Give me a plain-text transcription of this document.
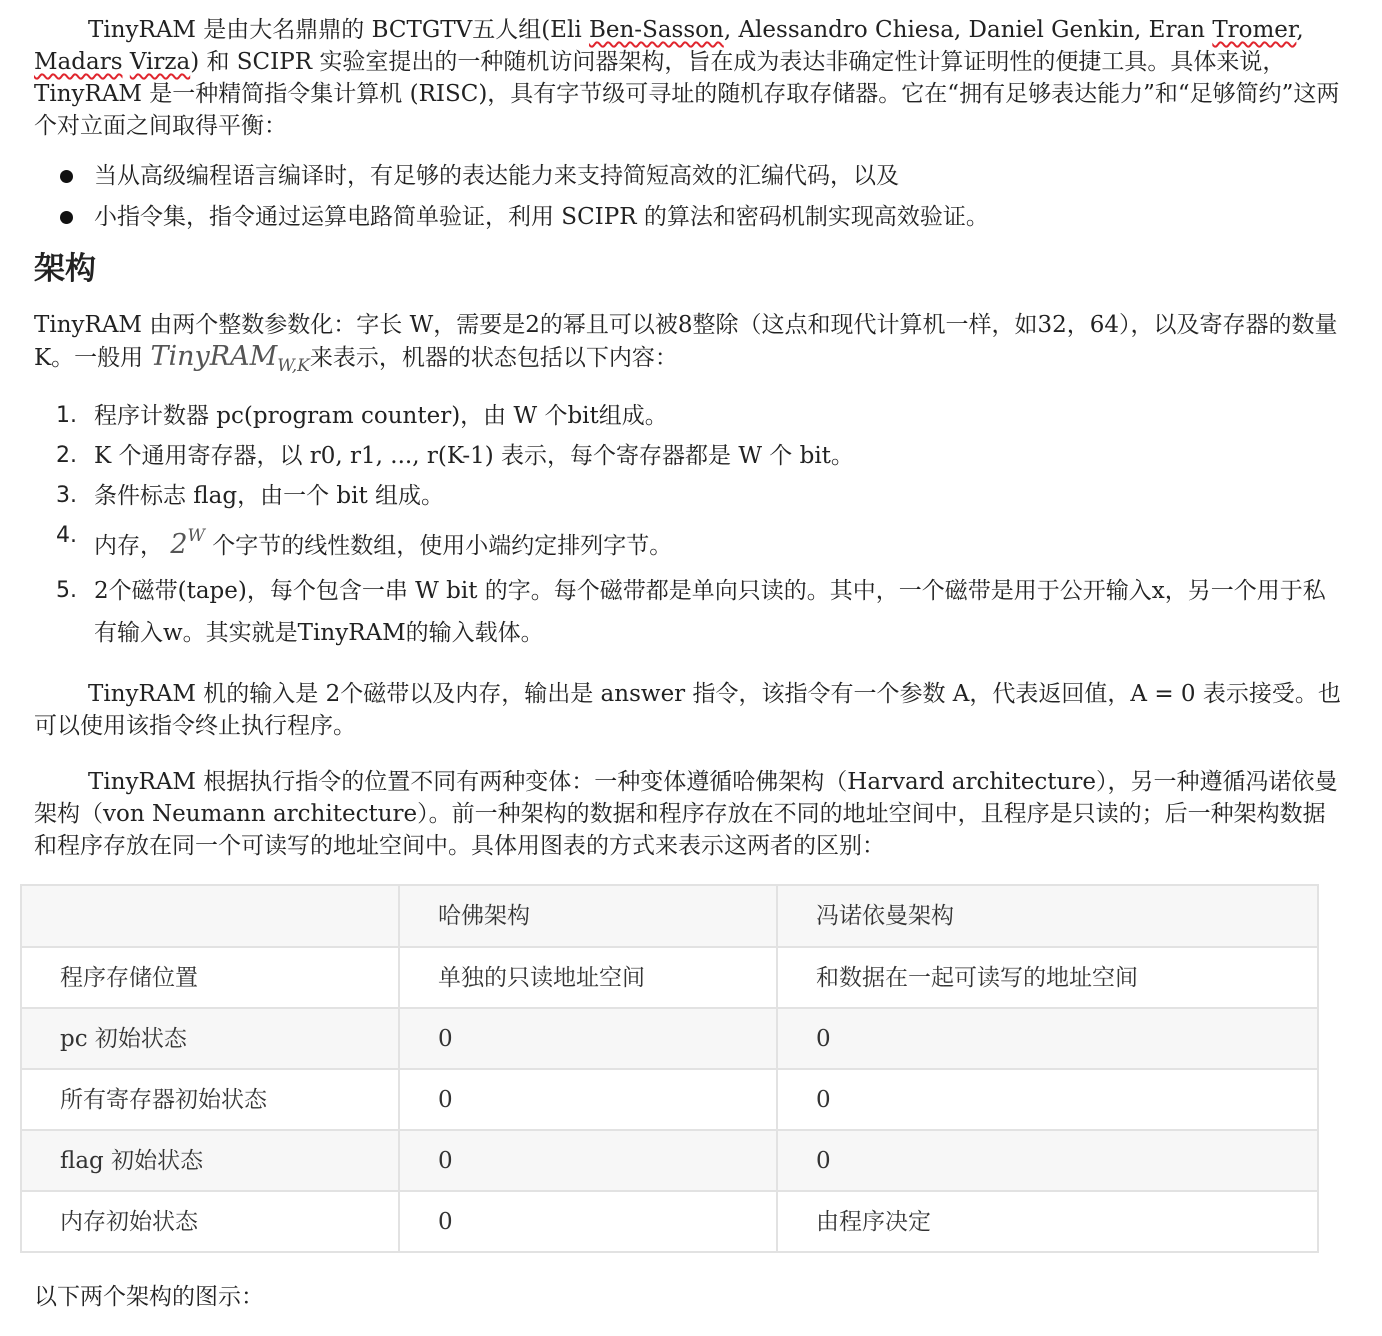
TinyRAM 是由大名鼎鼎的 BCTGTV五人组(Eli Ben-Sasson, Alessandro Chiesa, Daniel Genkin, Eran Tromer, Madars Virza) 和 SCIPR 实验室提出的一种随机访问器架构，旨在成为表达非确定性计算证明性的便捷工具。具体来说，TinyRAM 是一种精简指令集计算机 (RISC)，具有字节级可寻址的随机存取存储器。它在“拥有足够表达能力”和“足够简约”这两个对立面之间取得平衡：

当从高级编程语言编译时，有足够的表达能力来支持简短高效的汇编代码，以及
小指令集，指令通过运算电路简单验证，利用 SCIPR 的算法和密码机制实现高效验证。
架构

TinyRAM 由两个整数参数化：字长 W，需要是2的幂且可以被8整除（这点和现代计算机一样，如32，64），以及寄存器的数量K。一般用 TinyRAM$_{W,K}$来表示，机器的状态包括以下内容：

1. 程序计数器 pc(program counter)，由 W 个bit组成。
2. K 个通用寄存器，以 r0, r1, ..., r(K-1) 表示，每个寄存器都是 W 个 bit。
3. 条件标志 flag，由一个 bit 组成。
4. 内存， $2^W$ 个字节的线性数组，使用小端约定排列字节。
5. 2个磁带(tape)，每个包含一串 W bit 的字。每个磁带都是单向只读的。其中，一个磁带是用于公开输入x，另一个用于私有输入w。其实就是TinyRAM的输入载体。

TinyRAM 机的输入是 2个磁带以及内存，输出是 answer 指令，该指令有一个参数 A，代表返回值，A = 0 表示接受。也可以使用该指令终止执行程序。

TinyRAM 根据执行指令的位置不同有两种变体：一种变体遵循哈佛架构（Harvard architecture），另一种遵循冯诺依曼架构（von Neumann architecture）。前一种架构的数据和程序存放在不同的地址空间中，且程序是只读的；后一种架构数据和程序存放在同一个可读写的地址空间中。具体用图表的方式来表示这两者的区别：

	哈佛架构	冯诺依曼架构
程序存储位置	单独的只读地址空间	和数据在一起可读写的地址空间
pc 初始状态	0	0
所有寄存器初始状态	0	0
flag 初始状态	0	0
内存初始状态	0	由程序决定

以下两个架构的图示：
